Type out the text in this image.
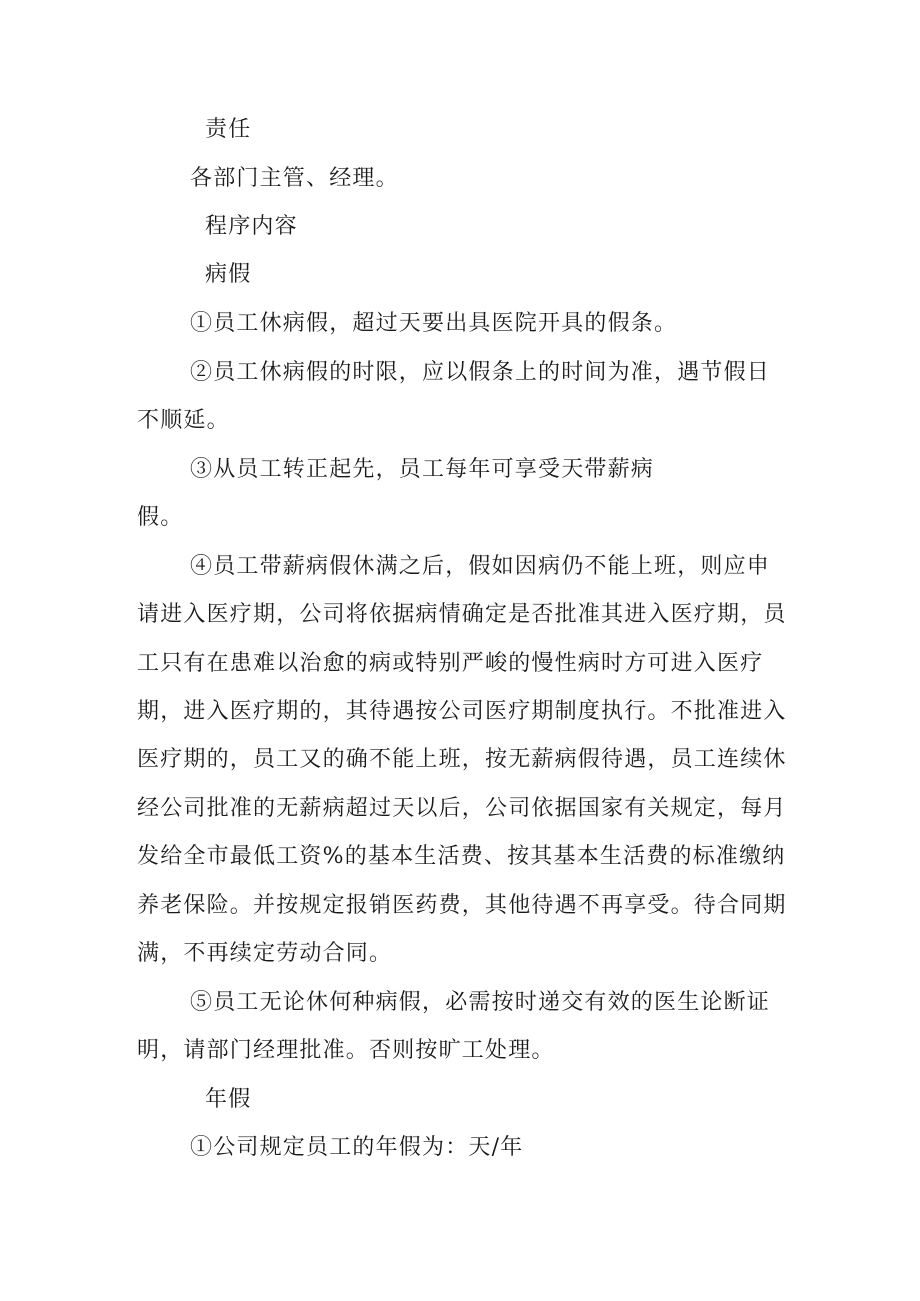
责任
各部门主管、经理。
程序内容
病假
①员工休病假，超过天要出具医院开具的假条。
②员工休病假的时限，应以假条上的时间为准，遇节假日
不顺延。
③从员工转正起先，员工每年可享受天带薪病
假。
④员工带薪病假休满之后，假如因病仍不能上班，则应申
请进入医疗期，公司将依据病情确定是否批准其进入医疗期，员
工只有在患难以治愈的病或特别严峻的慢性病时方可进入医疗
期，进入医疗期的，其待遇按公司医疗期制度执行。不批准进入
医疗期的，员工又的确不能上班，按无薪病假待遇，员工连续休
经公司批准的无薪病超过天以后，公司依据国家有关规定，每月
发给全市最低工资%的基本生活费、按其基本生活费的标准缴纳
养老保险。并按规定报销医药费，其他待遇不再享受。待合同期
满，不再续定劳动合同。
⑤员工无论休何种病假，必需按时递交有效的医生论断证
明，请部门经理批准。否则按旷工处理。
年假
①公司规定员工的年假为：天/年
